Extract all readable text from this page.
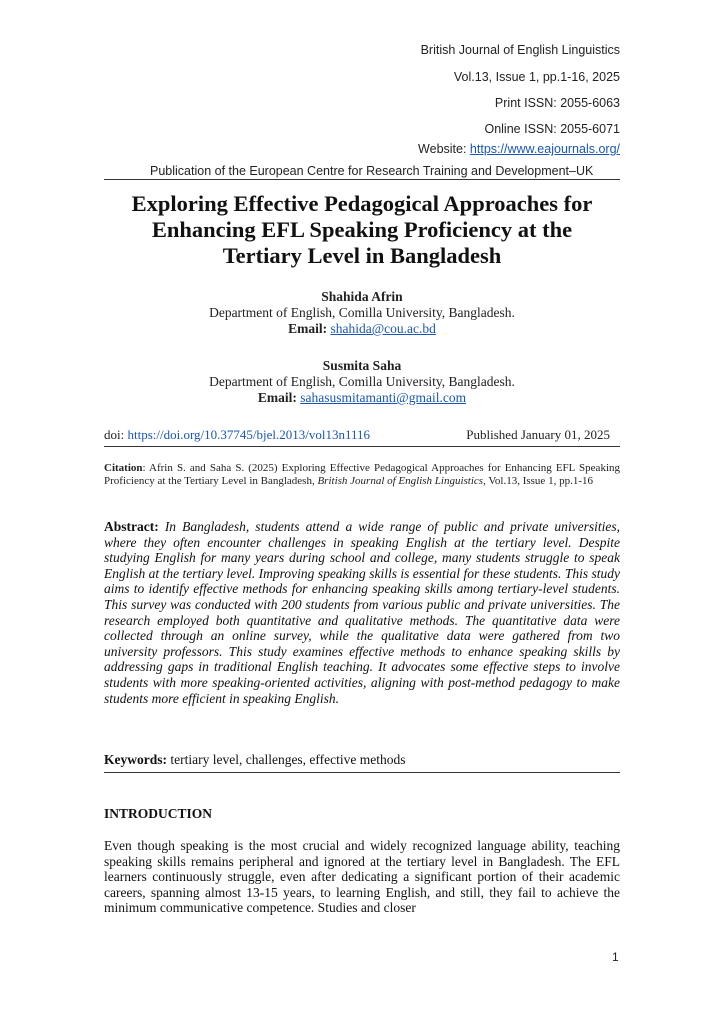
British Journal of English Linguistics
Vol.13, Issue 1, pp.1-16, 2025
Print ISSN: 2055-6063
Online ISSN: 2055-6071
Website: https://www.eajournals.org/
Publication of the European Centre for Research Training and Development–UK
Exploring Effective Pedagogical Approaches for
Enhancing EFL Speaking Proficiency at the
Tertiary Level in Bangladesh
Shahida Afrin
Department of English, Comilla University, Bangladesh.
Email: shahida@cou.ac.bd
Susmita Saha
Department of English, Comilla University, Bangladesh.
Email: sahasusmitamanti@gmail.com
doi: https://doi.org/10.37745/bjel.2013/vol13n1116	Published January 01, 2025
Citation: Afrin S. and Saha S. (2025) Exploring Effective Pedagogical Approaches for Enhancing EFL Speaking Proficiency at the Tertiary Level in Bangladesh, British Journal of English Linguistics, Vol.13, Issue 1, pp.1-16
Abstract: In Bangladesh, students attend a wide range of public and private universities, where they often encounter challenges in speaking English at the tertiary level. Despite studying English for many years during school and college, many students struggle to speak English at the tertiary level. Improving speaking skills is essential for these students. This study aims to identify effective methods for enhancing speaking skills among tertiary-level students. This survey was conducted with 200 students from various public and private universities. The research employed both quantitative and qualitative methods. The quantitative data were collected through an online survey, while the qualitative data were gathered from two university professors. This study examines effective methods to enhance speaking skills by addressing gaps in traditional English teaching. It advocates some effective steps to involve students with more speaking-oriented activities, aligning with post-method pedagogy to make students more efficient in speaking English.
Keywords: tertiary level, challenges, effective methods
INTRODUCTION
Even though speaking is the most crucial and widely recognized language ability, teaching speaking skills remains peripheral and ignored at the tertiary level in Bangladesh. The EFL learners continuously struggle, even after dedicating a significant portion of their academic careers, spanning almost 13-15 years, to learning English, and still, they fail to achieve the minimum communicative competence. Studies and closer
1
